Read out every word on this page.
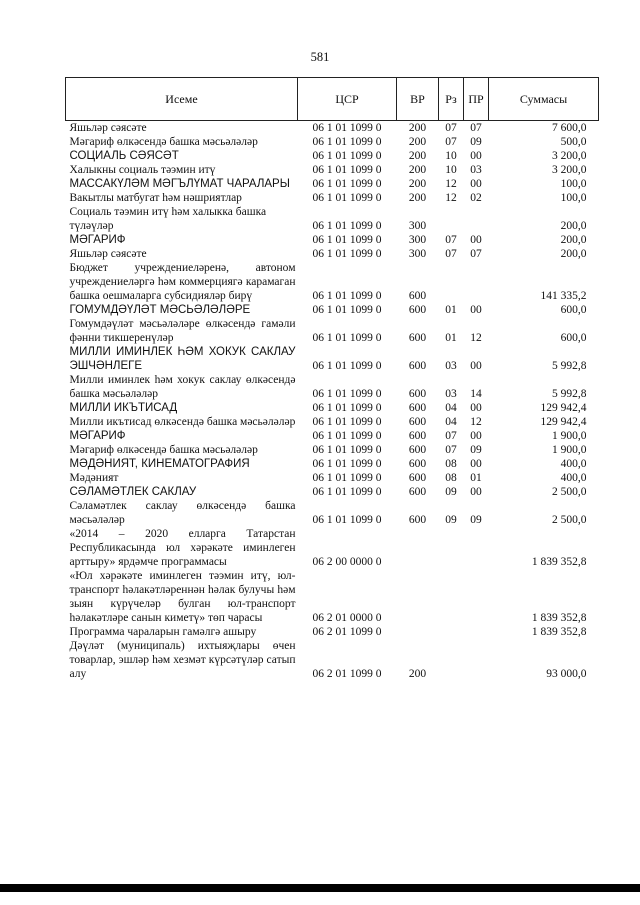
581
Исеме	ЦСР	ВР	Рз	ПР	Суммасы
Яшьләр сәясәте	06 1 01 1099 0	200	07	07	7 600,0
Мәгариф өлкәсендә башка мәсьәләләр	06 1 01 1099 0	200	07	09	500,0
СОЦИАЛЬ СӘЯСӘТ	06 1 01 1099 0	200	10	00	3 200,0
Халыкны социаль тәэмин итү	06 1 01 1099 0	200	10	03	3 200,0
МАССАКҮЛӘМ МӘГЪЛҮМАТ ЧАРАЛАРЫ	06 1 01 1099 0	200	12	00	100,0
Вакытлы матбугат һәм нәшриятлар	06 1 01 1099 0	200	12	02	100,0
Социаль тәэмин итү һәм халыкка башка түләүләр	06 1 01 1099 0	300			200,0
МӘГАРИФ	06 1 01 1099 0	300	07	00	200,0
Яшьләр сәясәте	06 1 01 1099 0	300	07	07	200,0
Бюджет учреждениеләренә, автоном учреждениеләргә һәм коммерциягә карамаган башка оешмаларга субсидияләр бирү	06 1 01 1099 0	600			141 335,2
ГОМУМДӘҮЛӘТ МӘСЬӘЛӘЛӘРЕ	06 1 01 1099 0	600	01	00	600,0
Гомумдәүләт мәсьәләләре өлкәсендә гамәли фәнни тикшеренүләр	06 1 01 1099 0	600	01	12	600,0
МИЛЛИ ИМИНЛЕК ҺӘМ ХОКУК САКЛАУ ЭШЧӘНЛЕГЕ	06 1 01 1099 0	600	03	00	5 992,8
Милли иминлек һәм хокук саклау өлкәсендә башка мәсьәләләр	06 1 01 1099 0	600	03	14	5 992,8
МИЛЛИ ИКЪТИСАД	06 1 01 1099 0	600	04	00	129 942,4
Милли икътисад өлкәсендә башка мәсьәләләр	06 1 01 1099 0	600	04	12	129 942,4
МӘГАРИФ	06 1 01 1099 0	600	07	00	1 900,0
Мәгариф өлкәсендә башка мәсьәләләр	06 1 01 1099 0	600	07	09	1 900,0
МӘДӘНИЯТ, КИНЕМАТОГРАФИЯ	06 1 01 1099 0	600	08	00	400,0
Мәдәният	06 1 01 1099 0	600	08	01	400,0
СӘЛАМӘТЛЕК САКЛАУ	06 1 01 1099 0	600	09	00	2 500,0
Сәламәтлек саклау өлкәсендә башка мәсьәләләр	06 1 01 1099 0	600	09	09	2 500,0
«2014 – 2020 елларга Татарстан Республикасында юл хәрәкәте иминлеген арттыру» ярдәмче программасы	06 2 00 0000 0				1 839 352,8
«Юл хәрәкәте иминлеген тәэмин итү, юл-транспорт һәлакәтләреннән һәлак булучы һәм зыян күрүчеләр булган юл-транспорт һәлакәтләре санын киметү» төп чарасы	06 2 01 0000 0				1 839 352,8
Программа чараларын гамәлгә ашыру	06 2 01 1099 0				1 839 352,8
Дәүләт (муниципаль) ихтыяҗлары өчен товарлар, эшләр һәм хезмәт күрсәтүләр сатып алу	06 2 01 1099 0	200			93 000,0
